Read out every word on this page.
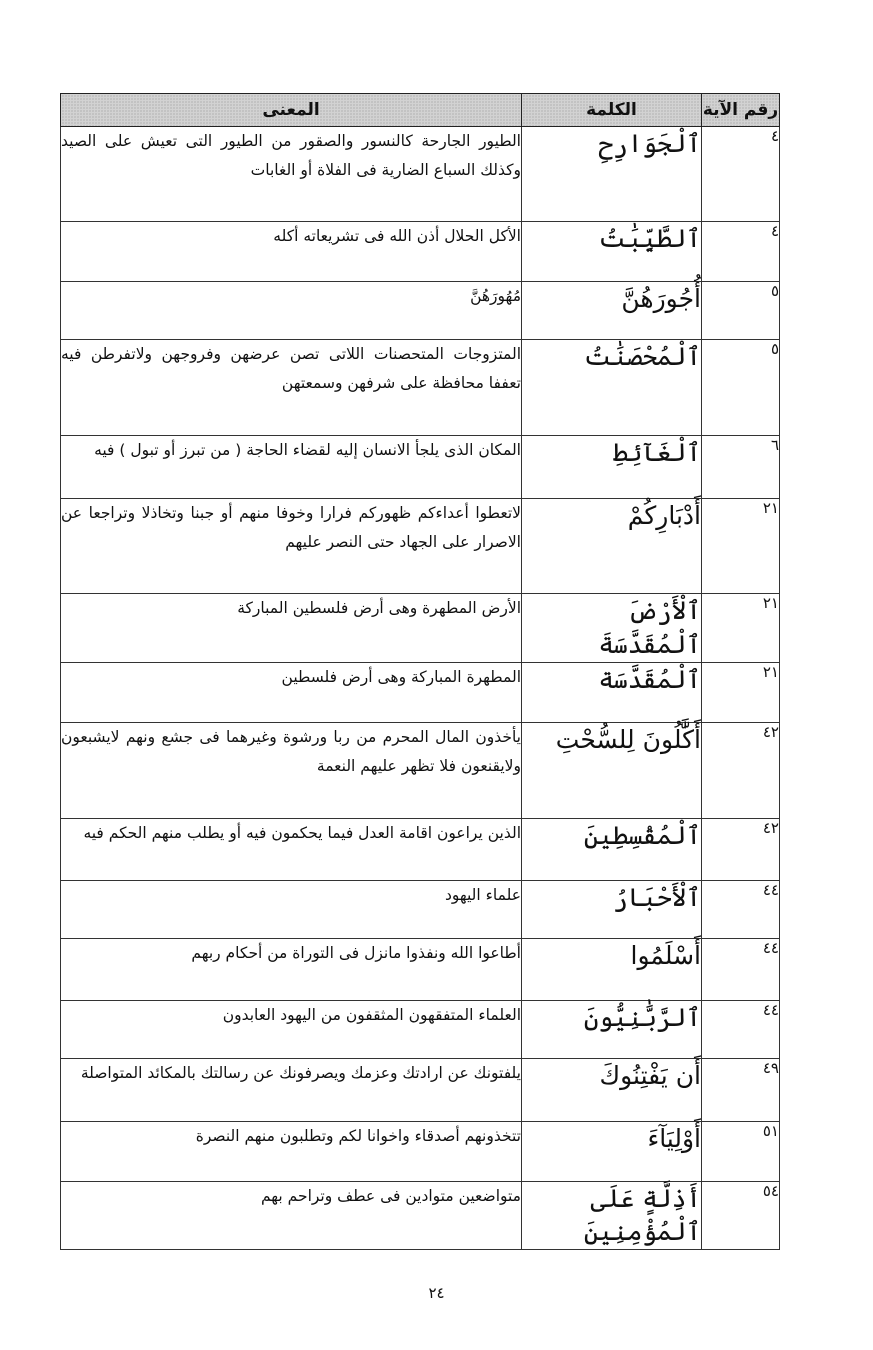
رقم الآية	الكلمة	المعنى
٤	ٱلْجَوَارِحِ	الطيور الجارحة كالنسور والصقور من الطيور التى تعيش على الصيد وكذلك السباع الضارية فى الفلاة أو الغابات
٤	ٱلطَّيِّبَٰتُ	الأكل الحلال أذن الله فى تشريعاته أكله
٥	أُجُورَهُنَّ	مُهُورَهُنَّ
٥	ٱلْمُحْصَنَٰتُ	المتزوجات المتحصنات اللاتى تصن عرضهن وفروجهن ولاتفرطن فيه تعففا محافظة على شرفهن وسمعتهن
٦	ٱلْغَآئِطِ	المكان الذى يلجأ الانسان إليه لقضاء الحاجة ( من تبرز أو تبول ) فيه
٢١	أَدْبَارِكُمْ	لاتعطوا أعداءكم ظهوركم فرارا وخوفا منهم أو جبنا وتخاذلا وتراجعا عن الاصرار على الجهاد حتى النصر عليهم
٢١	ٱلْأَرْضَ ٱلْمُقَدَّسَةَ	الأرض المطهرة وهى أرض فلسطين المباركة
٢١	ٱلْمُقَدَّسَة	المطهرة المباركة وهى أرض فلسطين
٤٢	أَكَّٰلُونَ لِلسُّحْتِ	يأخذون المال المحرم من ربا ورشوة وغيرهما فى جشع ونهم لايشبعون ولايقنعون فلا تظهر عليهم النعمة
٤٢	ٱلْمُقْسِطِينَ	الذين يراعون اقامة العدل فيما يحكمون فيه أو يطلب منهم الحكم فيه
٤٤	ٱلْأَحْبَارُ	علماء اليهود
٤٤	أَسْلَمُوا	أطاعوا الله ونفذوا مانزل فى التوراة من أحكام ربهم
٤٤	ٱلرَّبَّٰنِيُّونَ	العلماء المتفقهون المثقفون من اليهود العابدون
٤٩	أَن يَفْتِنُوكَ	يلفتونك عن ارادتك وعزمك ويصرفونك عن رسالتك بالمكائد المتواصلة
٥١	أَوْلِيَآءَ	تتخذونهم أصدقاء واخوانا لكم وتطلبون منهم النصرة
٥٤	أَذِلَّةٍ عَلَى ٱلْمُؤْمِنِينَ	متواضعين متوادين فى عطف وتراحم بهم
٢٤
